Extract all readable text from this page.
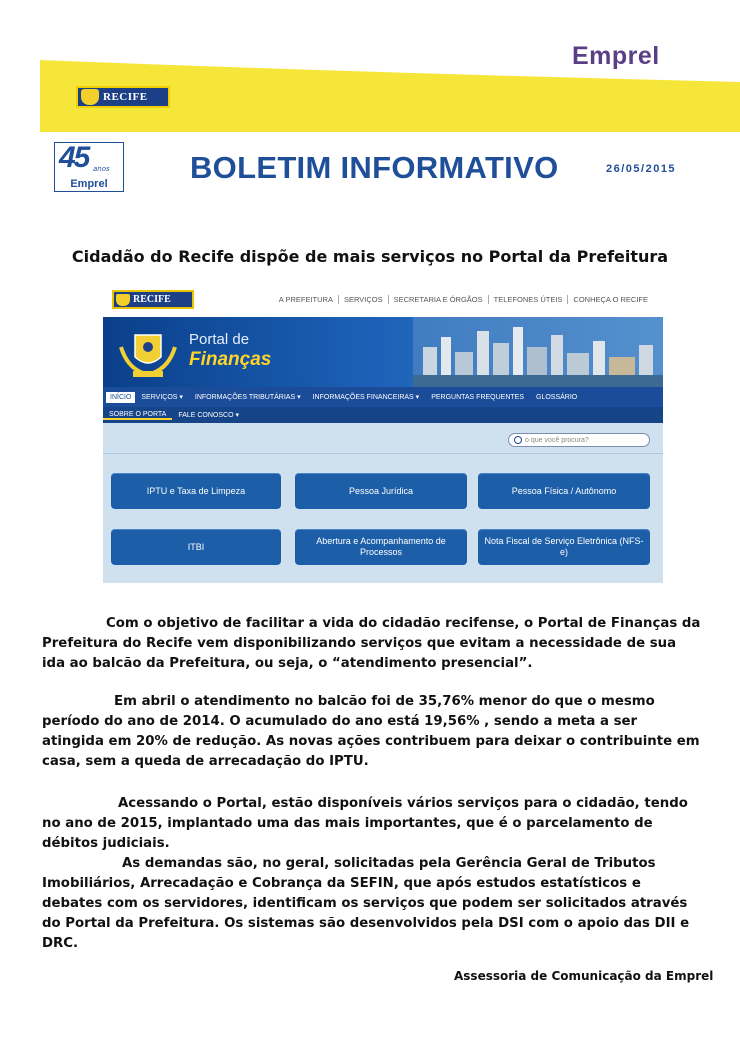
Emprel
RECIFE
45 anos
Emprel	BOLETIM INFORMATIVO	26/05/2015
Cidadão do Recife dispõe de mais serviços no Portal da Prefeitura
RECIFE	A PREFEITURA	SERVIÇOS	SECRETARIA E ÓRGÃOS	TELEFONES ÚTEIS	CONHEÇA O RECIFE
Portal de
Finanças
INÍCIO	SERVIÇOS ▾	INFORMAÇÕES TRIBUTÁRIAS ▾	INFORMAÇÕES FINANCEIRAS ▾	PERGUNTAS FREQUENTES	GLOSSÁRIO
SOBRE O PORTA	FALE CONOSCO ▾
o que você procura?
IPTU e Taxa de Limpeza	Pessoa Jurídica	Pessoa Física / Autônomo
ITBI
Abertura e Acompanhamento de Processos
Nota Fiscal de Serviço Eletrônica (NFS-e)
Com o objetivo de facilitar a vida do cidadão recifense, o Portal de Finanças da Prefeitura do Recife vem disponibilizando serviços que evitam a necessidade de sua ida ao balcão da Prefeitura, ou seja, o “atendimento presencial”.
Em abril o atendimento no balcão foi de 35,76% menor do que o mesmo período do ano de 2014. O acumulado do ano está 19,56% , sendo a meta a ser atingida em 20% de redução. As novas ações contribuem para deixar o contribuinte em casa, sem a queda de arrecadação do IPTU.
Acessando o Portal, estão disponíveis vários serviços para o cidadão, tendo no ano de 2015, implantado uma das mais importantes, que é o parcelamento de débitos judiciais.
As demandas são, no geral, solicitadas pela Gerência Geral de Tributos Imobiliários, Arrecadação e Cobrança da SEFIN, que após estudos estatísticos e debates com os servidores, identificam os serviços que podem ser solicitados através do Portal da Prefeitura. Os sistemas são desenvolvidos pela DSI com o apoio das DII e DRC.
Assessoria de Comunicação da Emprel
